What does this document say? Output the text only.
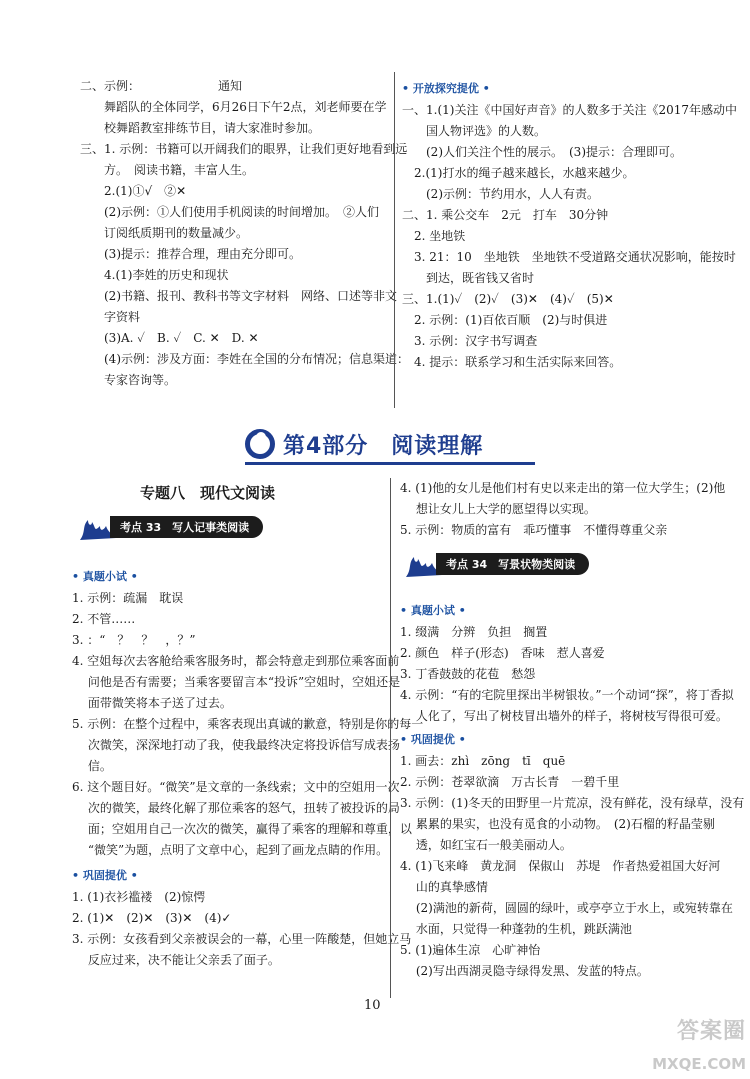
二、示例：　　　　　　　通知

　　舞蹈队的全体同学，6月26日下午2点，刘老师要在学

　　校舞蹈教室排练节目，请大家准时参加。

三、1. 示例：书籍可以开阔我们的眼界，让我们更好地看到远

　　方。　阅读书籍，丰富人生。

　　2.(1)①√　②✕

　　(2)示例：①人们使用手机阅读的时间增加。　②人们

　　订阅纸质期刊的数量减少。

　　(3)提示：推荐合理，理由充分即可。

　　4.(1)李姓的历史和现状

　　(2)书籍、报刊、教科书等文字材料　网络、口述等非文

　　字资料

　　(3)A. ✓　B. ✓　C. ✕　D. ✕

　　(4)示例：涉及方面：李姓在全国的分布情况；信息渠道：

　　专家咨询等。

• 开放探究提优 •

一、1.(1)关注《中国好声音》的人数多于关注《2017年感动中

　　国人物评选》的人数。

　　(2)人们关注个性的展示。　(3)提示：合理即可。

　2.(1)打水的绳子越来越长，水越来越少。

　　(2)示例：节约用水，人人有责。

二、1. 乘公交车　2元　打车　30分钟

　2. 坐地铁

　3. 21：10　坐地铁　坐地铁不受道路交通状况影响，能按时

　　到达，既省钱又省时

三、1.(1)✓　(2)✓　(3)✕　(4)✓　(5)✕

　2. 示例：(1)百依百顺　(2)与时俱进

　3. 示例：汉字书写调查

　4. 提示：联系学习和生活实际来回答。

第4部分　阅读理解
专题八　现代文阅读
考点 33　写人记事类阅读

• 真题小试 •

1. 示例：疏漏　耽误

2. 不管……

3. ：“　？　？　，？”

4. 空姐每次去客舱给乘客服务时，都会特意走到那位乘客面前

　 问他是否有需要；当乘客要留言本“投诉”空姐时，空姐还是

　 面带微笑将本子送了过去。

5. 示例：在整个过程中，乘客表现出真诚的歉意，特别是你的每一

　 次微笑，深深地打动了我，使我最终决定将投诉信写成表扬

　 信。

6. 这个题目好。“微笑”是文章的一条线索；文中的空姐用一次

　 次的微笑，最终化解了那位乘客的怒气，扭转了被投诉的局

　 面；空姐用自己一次次的微笑，赢得了乘客的理解和尊重，以

　 “微笑”为题，点明了文章中心，起到了画龙点睛的作用。

• 巩固提优 •

1. (1)衣衫褴褛　(2)惊愕

2. (1)✕　(2)✕　(3)✕　(4)✓

3. 示例：女孩看到父亲被误会的一幕，心里一阵酸楚，但她立马

　 反应过来，决不能让父亲丢了面子。

4. (1)他的女儿是他们村有史以来走出的第一位大学生；(2)他

　 想让女儿上大学的愿望得以实现。

5. 示例：物质的富有　乖巧懂事　不懂得尊重父亲

考点 34　写景状物类阅读

• 真题小试 •

1. 缀满　分辨　负担　搁置

2. 颜色　样子(形态)　香味　惹人喜爱

3. 丁香鼓鼓的花苞　愁怨

4. 示例：“有的宅院里探出半树银妆。”一个动词“探”，将丁香拟

　 人化了，写出了树枝冒出墙外的样子，将树枝写得很可爱。

• 巩固提优 •

1. 画去：zhì　zōng　tī　quē

2. 示例：苍翠欲滴　万古长青　一碧千里

3. 示例：(1)冬天的田野里一片荒凉，没有鲜花，没有绿草，没有

　 累累的果实，也没有觅食的小动物。　(2)石榴的籽晶莹剔

　 透，如红宝石一般美丽动人。

4. (1)飞来峰　黄龙洞　保俶山　苏堤　作者热爱祖国大好河

　 山的真挚感情

　 (2)满池的新荷，圆圆的绿叶，或亭亭立于水上，或宛转靠在

　 水面，只觉得一种蓬勃的生机，跳跃满池

5. (1)遍体生凉　心旷神怡

　 (2)写出西湖灵隐寺绿得发黑、发蓝的特点。

10
答案圈
MXQE.COM
